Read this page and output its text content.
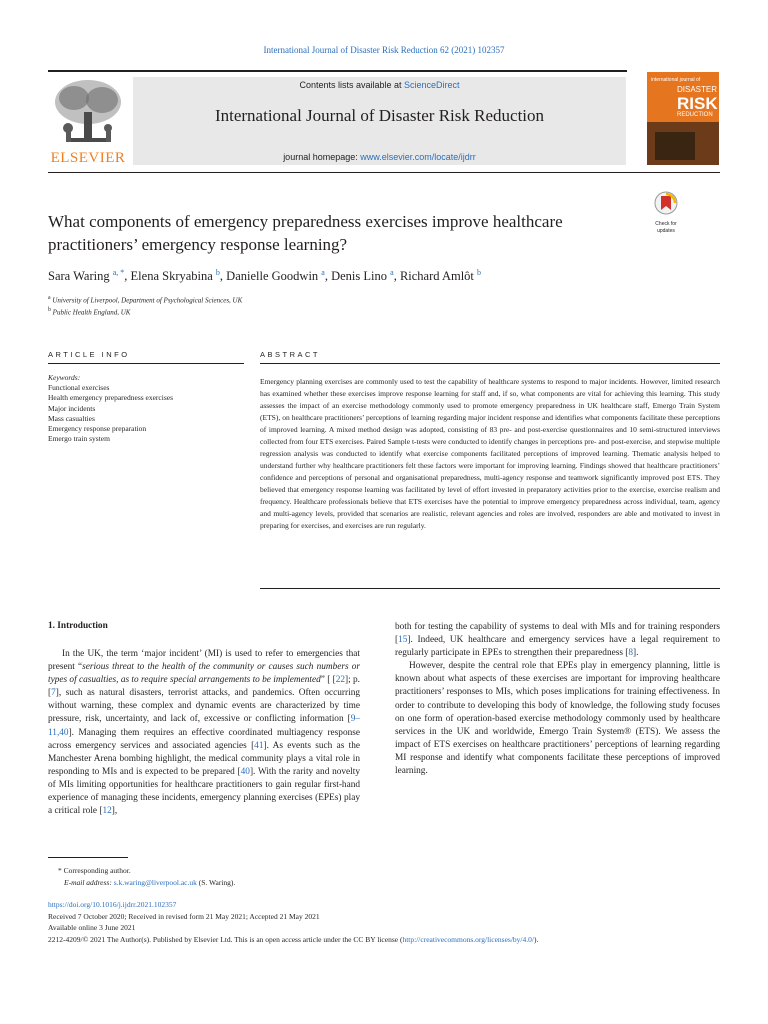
International Journal of Disaster Risk Reduction 62 (2021) 102357
ELSEVIER
Contents lists available at ScienceDirect
International Journal of Disaster Risk Reduction
journal homepage: www.elsevier.com/locate/ijdrr
international journal of
DISASTER
RISK
REDUCTION
What components of emergency preparedness exercises improve healthcare practitioners’ emergency response learning?
Check for
updates
Sara Waring $^{a, *}$, Elena Skryabina $^b$, Danielle Goodwin $^a$, Denis Lino $^a$, Richard Amlôt $^b$
$^a$ University of Liverpool, Department of Psychological Sciences, UK
$^b$ Public Health England, UK
ARTICLE INFO	ABSTRACT
Keywords:
Functional exercises
Health emergency preparedness exercises
Major incidents
Mass casualties
Emergency response preparation
Emergo train system
Emergency planning exercises are commonly used to test the capability of healthcare systems to respond to major incidents. However, limited research has examined whether these exercises improve response learning for staff and, if so, what components are vital for achieving this learning. This study assesses the impact of an exercise methodology commonly used to promote emergency preparedness in UK healthcare staff, Emergo Train System (ETS), on healthcare practitioners’ perceptions of learning regarding major incident response and identifies what components facilitate these perceptions of improved learning. A mixed method design was adopted, consisting of 83 pre- and post-exercise questionnaires and 10 semi-structured interviews collected from four ETS exercises. Paired Sample t-tests were conducted to identify changes in perceptions pre- and post-exercise, and stepwise multiple regression analysis was conducted to identify what exercise components facilitated perceptions of improved learning. Thematic analysis helped to understand further why healthcare practitioners felt these factors were important for improving learning. Findings showed that healthcare practitioners’ confidence and perceptions of personal and organisational preparedness, multi-agency response and teamwork significantly improved post ETS. They believed that emergency response learning was facilitated by level of effort invested in preparatory activities prior to the exercise, exercise realism and frequency. Healthcare professionals believe that ETS exercises have the potential to improve emergency preparedness across individual, team, agency and multi-agency levels, provided that scenarios are realistic, relevant agencies and roles are involved, responders are able and motivated to invest in preparing for exercises, and exercises are run regularly.
1. Introduction

In the UK, the term ‘major incident’ (MI) is used to refer to emergencies that present “serious threat to the health of the community or causes such numbers or types of casualties, as to require special arrangements to be implemented” [ [22]; p. [7], such as natural disasters, terrorist attacks, and pandemics. Often occurring without warning, these complex and dynamic events are characterized by time pressure, risk, uncertainty, and lack of, excessive or conflicting information [9–11,40]. Managing them requires an effective coordinated multiagency response across emergency services and associated agencies [41]. As events such as the Manchester Arena bombing highlight, the medical community plays a vital role in responding to MIs and is expected to be prepared [40]. With the rarity and novelty of MIs limiting opportunities for healthcare practitioners to gain regular first-hand experience of managing these incidents, emergency planning exercises (EPEs) play a critical role [12],

both for testing the capability of systems to deal with MIs and for training responders [15]. Indeed, UK healthcare and emergency services have a legal requirement to regularly participate in EPEs to strengthen their preparedness [8].

However, despite the central role that EPEs play in emergency planning, little is known about what aspects of these exercises are important for improving healthcare practitioners’ responses to MIs, which poses implications for training effectiveness. In order to contribute to developing this body of knowledge, the following study focuses on one form of operation-based exercise methodology commonly used by healthcare services in the UK and worldwide, Emergo Train System® (ETS). We assess the impact of ETS exercises on healthcare practitioners’ perceptions of learning regarding MI response and identify what components facilitate these perceptions of improved learning.

* Corresponding author.
E-mail address: s.k.waring@liverpool.ac.uk (S. Waring).
https://doi.org/10.1016/j.ijdrr.2021.102357
Received 7 October 2020; Received in revised form 21 May 2021; Accepted 21 May 2021
Available online 3 June 2021
2212-4209/© 2021 The Author(s). Published by Elsevier Ltd. This is an open access article under the CC BY license (http://creativecommons.org/licenses/by/4.0/).
